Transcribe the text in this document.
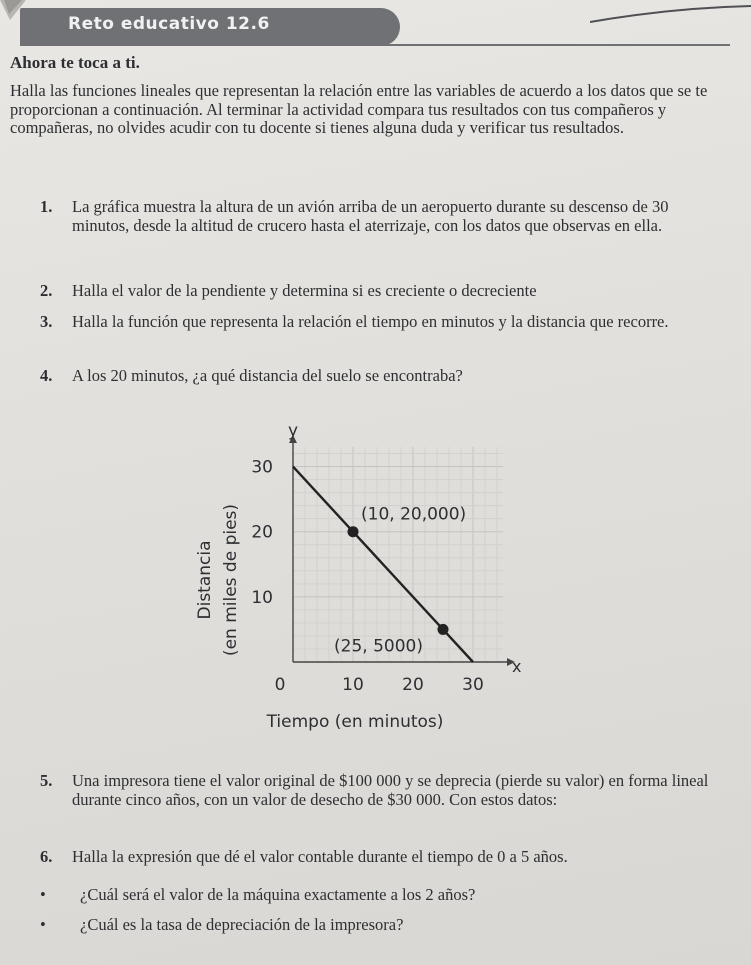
Reto educativo 12.6
Ahora te toca a ti.

Halla las funciones lineales que representan la relación entre las variables de acuerdo a los datos que se te proporcionan a continuación. Al terminar la actividad compara tus resultados con tus compañeros y compañeras, no olvides acudir con tu docente si tienes alguna duda y verificar tus resultados.

1. La gráfica muestra la altura de un avión arriba de un aeropuerto durante su descenso de 30 minutos, desde la altitud de crucero hasta el aterrizaje, con los datos que observas en ella.
2. Halla el valor de la pendiente y determina si es creciente o decreciente
3. Halla la función que representa la relación el tiempo en minutos y la distancia que recorre.
4. A los 20 minutos, ¿a qué distancia del suelo se encontraba?
10 20 30
10
20
30
(10, 20,000)
(25, 5000)
y
x
0
Tiempo (en minutos)
Distancia (en miles de pies)
5. Una impresora tiene el valor original de $100 000 y se deprecia (pierde su valor) en forma lineal durante cinco años, con un valor de desecho de $30 000. Con estos datos:
6. Halla la expresión que dé el valor contable durante el tiempo de 0 a 5 años.
• ¿Cuál será el valor de la máquina exactamente a los 2 años?
• ¿Cuál es la tasa de depreciación de la impresora?
